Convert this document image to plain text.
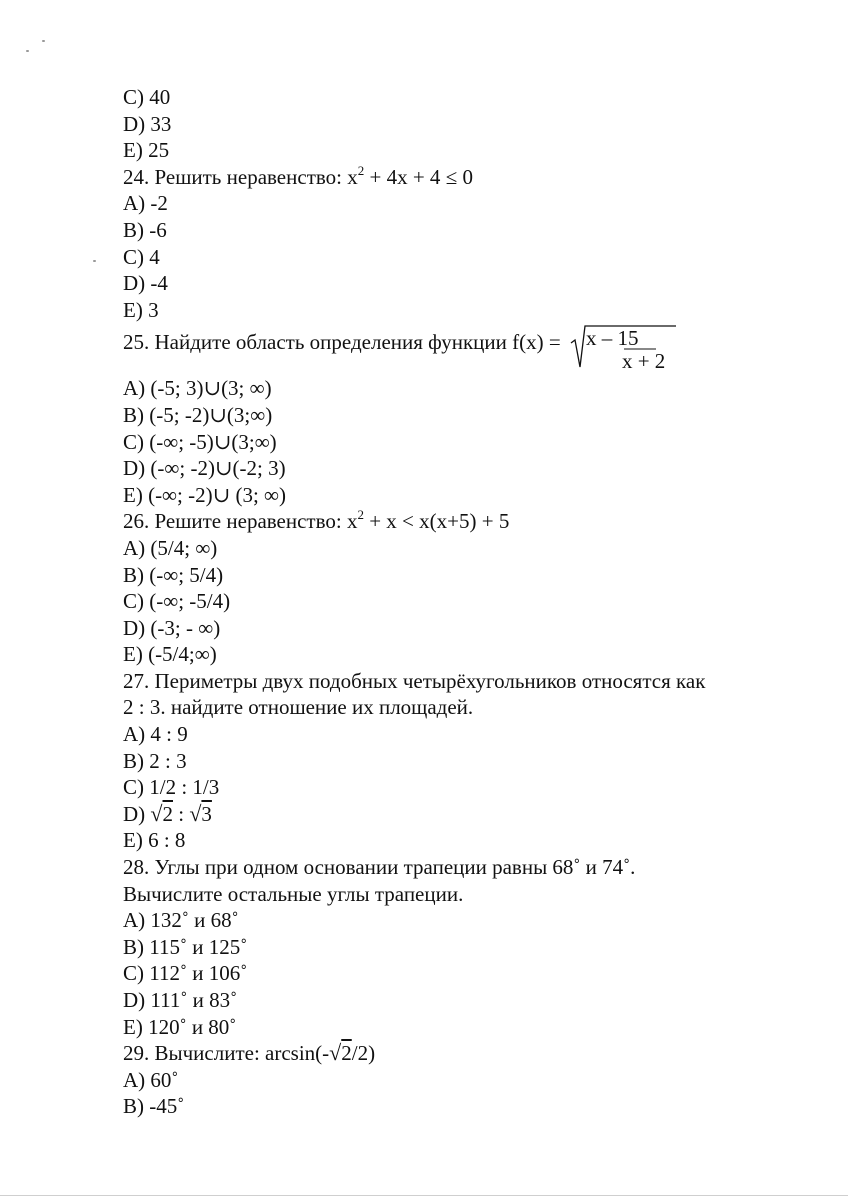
C) 40
D) 33
E) 25
24. Решить неравенство: $x^2 + 4x + 4 \le 0$
A) -2
B) -6
C) 4
D) -4
E) 3
25. Найдите область определения функции f(x) = x – 15
x + 2
A) (-5; 3)∪(3; ∞)
B) (-5; -2)∪(3;∞)
C) (-∞; -5)∪(3;∞)
D) (-∞; -2)∪(-2; 3)
E) (-∞; -2)∪ (3; ∞)
26. Решите неравенство: $x^2 + x < x(x+5) + 5$
A) (5/4; ∞)
B) (-∞; 5/4)
C) (-∞; -5/4)
D) (-3; - ∞)
E) (-5/4;∞)
27. Периметры двух подобных четырёхугольников относятся как
2 : 3. найдите отношение их площадей.
A) 4 : 9
B) 2 : 3
C) 1/2 : 1/3
D) √2 : √3
E) 6 : 8
28. Углы при одном основании трапеции равны 68˚ и 74˚.
Вычислите остальные углы трапеции.
A) 132˚ и 68˚
B) 115˚ и 125˚
C) 112˚ и 106˚
D) 111˚ и 83˚
E) 120˚ и 80˚
29. Вычислите: arcsin(-√2/2)
A) 60˚
B) -45˚
